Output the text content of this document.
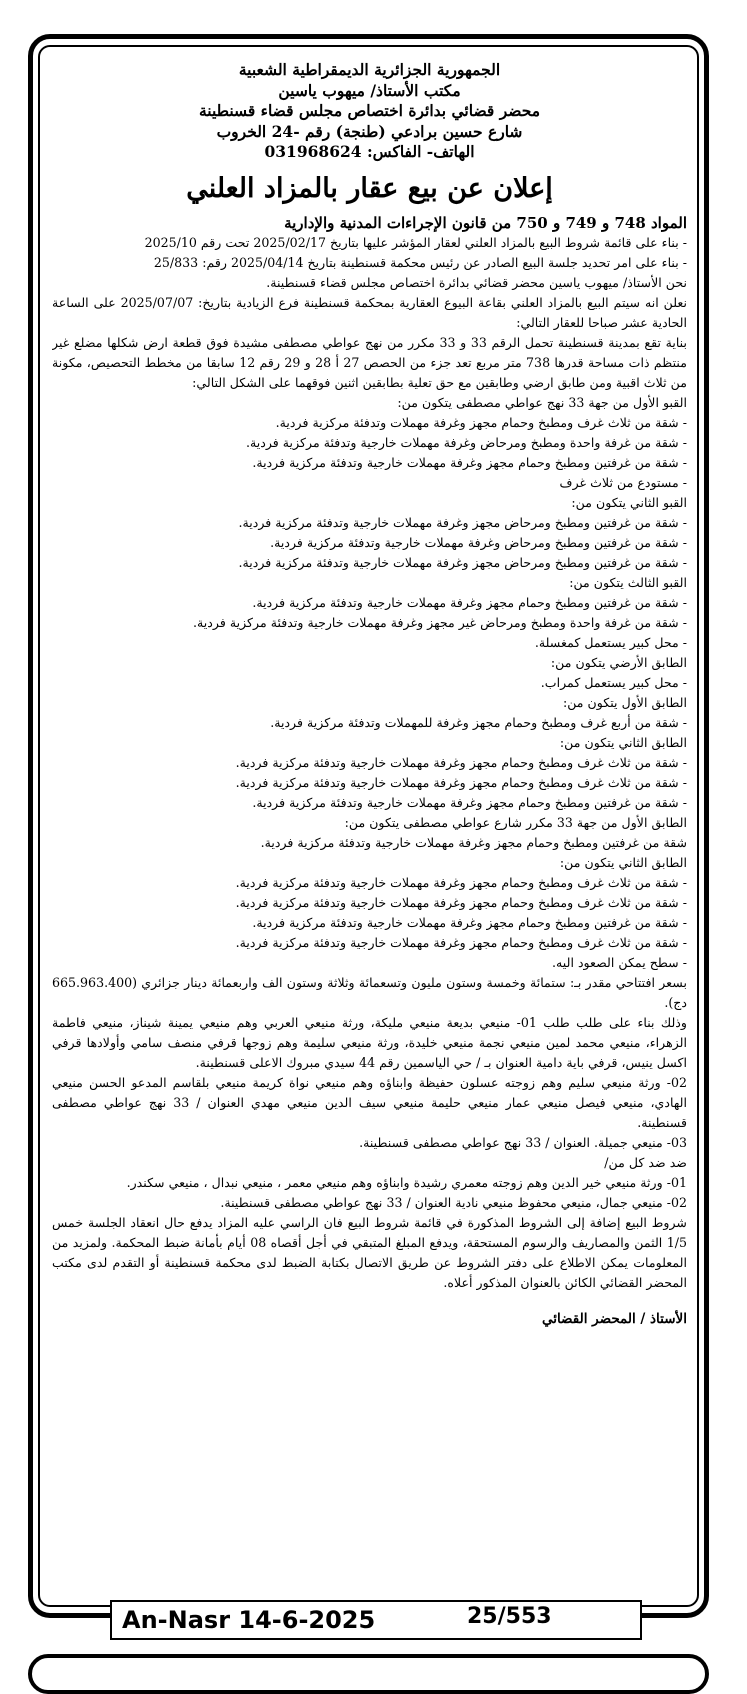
الجمهورية الجزائرية الديمقراطية الشعبية
مكتب الأستاذ/ ميهوب ياسين
محضر قضائي بدائرة اختصاص مجلس قضاء قسنطينة
شارع حسين برادعي (طنجة) رقم -24 الخروب
الهاتف- الفاكس: 031968624
إعلان عن بيع عقار بالمزاد العلني
المواد 748 و 749 و 750 من قانون الإجراءات المدنية والإدارية
- بناء على قائمة شروط البيع بالمزاد العلني لعقار المؤشر عليها بتاريخ 2025/02/17 تحت رقم 2025/10
- بناء على امر تحديد جلسة البيع الصادر عن رئيس محكمة قسنطينة بتاريخ 2025/04/14 رقم: 25/833
نحن الأستاذ/ ميهوب ياسين محضر قضائي بدائرة اختصاص مجلس قضاء قسنطينة.
نعلن انه سيتم البيع بالمزاد العلني بقاعة البيوع العقارية بمحكمة قسنطينة فرع الزيادية بتاريخ: 2025/07/07 على الساعة الحادية عشر صباحا للعقار التالي:
بناية تقع بمدينة قسنطينة تحمل الرقم 33 و 33 مكرر من نهج عواطي مصطفى مشيدة فوق قطعة ارض شكلها مضلع غير منتظم ذات مساحة قدرها 738 متر مربع تعد جزء من الحصص 27 أ 28 و 29 رقم 12 سابقا من مخطط التحصيص، مكونة من ثلاث اقبية ومن طابق ارضي وطابقين مع حق تعلية بطابقين اثنين فوقهما على الشكل التالي:
القبو الأول من جهة 33 نهج عواطي مصطفى يتكون من:
- شقة من ثلاث غرف ومطبخ وحمام مجهز وغرفة مهملات وتدفئة مركزية فردية.
- شقة من غرفة واحدة ومطبخ ومرحاض وغرفة مهملات خارجية وتدفئة مركزية فردية.
- شقة من غرفتين ومطبخ وحمام مجهز وغرفة مهملات خارجية وتدفئة مركزية فردية.
- مستودع من ثلاث غرف
القبو الثاني يتكون من:
- شقة من غرفتين ومطبخ ومرحاض مجهز وغرفة مهملات خارجية وتدفئة مركزية فردية.
- شقة من غرفتين ومطبخ ومرحاض وغرفة مهملات خارجية وتدفئة مركزية فردية.
- شقة من غرفتين ومطبخ ومرحاض مجهز وغرفة مهملات خارجية وتدفئة مركزية فردية.
القبو الثالث يتكون من:
- شقة من غرفتين ومطبخ وحمام مجهز وغرفة مهملات خارجية وتدفئة مركزية فردية.
- شقة من غرفة واحدة ومطبخ ومرحاض غير مجهز وغرفة مهملات خارجية وتدفئة مركزية فردية.
- محل كبير يستعمل كمغسلة.
الطابق الأرضي يتكون من:
- محل كبير يستعمل كمراب.
الطابق الأول يتكون من:
- شقة من أربع غرف ومطبخ وحمام مجهز وغرفة للمهملات وتدفئة مركزية فردية.
الطابق الثاني يتكون من:
- شقة من ثلاث غرف ومطبخ وحمام مجهز وغرفة مهملات خارجية وتدفئة مركزية فردية.
- شقة من ثلاث غرف ومطبخ وحمام مجهز وغرفة مهملات خارجية وتدفئة مركزية فردية.
- شقة من غرفتين ومطبخ وحمام مجهز وغرفة مهملات خارجية وتدفئة مركزية فردية.
الطابق الأول من جهة 33 مكرر شارع عواطي مصطفى يتكون من:
شقة من غرفتين ومطبخ وحمام مجهز وغرفة مهملات خارجية وتدفئة مركزية فردية.
الطابق الثاني يتكون من:
- شقة من ثلاث غرف ومطبخ وحمام مجهز وغرفة مهملات خارجية وتدفئة مركزية فردية.
- شقة من ثلاث غرف ومطبخ وحمام مجهز وغرفة مهملات خارجية وتدفئة مركزية فردية.
- شقة من غرفتين ومطبخ وحمام مجهز وغرفة مهملات خارجية وتدفئة مركزية فردية.
- شقة من ثلاث غرف ومطبخ وحمام مجهز وغرفة مهملات خارجية وتدفئة مركزية فردية.
- سطح يمكن الصعود اليه.
بسعر افتتاحي مقدر بـ: ستمائة وخمسة وستون مليون وتسعمائة وثلاثة وستون الف واربعمائة دينار جزائري (665.963.400 دج).
وذلك بناء على طلب طلب 01- منيعي بديعة منيعي مليكة، ورثة منيعي العربي وهم منيعي يمينة شيناز، منيعي فاطمة الزهراء، منيعي محمد لمين منيعي نجمة منيعي خليدة، ورثة منيعي سليمة وهم زوجها قرفي منصف سامي وأولادها قرفي اكسل ينيس، قرفي باية دامية العنوان بـ / حي الياسمين رقم 44 سيدي مبروك الاعلى قسنطينة.
02- ورثة منيعي سليم وهم زوجته عسلون حفيظة وابناؤه وهم منيعي نواة كريمة منيعي بلقاسم المدعو الحسن منيعي الهادي، منيعي فيصل منيعي عمار منيعي حليمة منيعي سيف الدين منيعي مهدي العنوان / 33 نهج عواطي مصطفى قسنطينة.
03- منيعي جميلة. العنوان / 33 نهج عواطي مصطفى قسنطينة.
ضد ضد كل من/
01- ورثة منيعي خير الدين وهم زوجته معمري رشيدة وابناؤه وهم منيعي معمر ، منيعي نبدال ، منيعي سكندر.
02- منيعي جمال، منيعي محفوظ منيعي نادية العنوان / 33 نهج عواطي مصطفى قسنطينة.
شروط البيع إضافة إلى الشروط المذكورة في قائمة شروط البيع فان الراسي عليه المزاد يدفع حال انعقاد الجلسة خمس 1/5 الثمن والمصاريف والرسوم المستحقة، ويدفع المبلغ المتبقي في أجل أقصاه 08 أيام بأمانة ضبط المحكمة. ولمزيد من المعلومات يمكن الاطلاع على دفتر الشروط عن طريق الاتصال بكتابة الضبط لدى محكمة قسنطينة أو التقدم لدى مكتب المحضر القضائي الكائن بالعنوان المذكور أعلاه.
الأستاذ / المحضر القضائي
An-Nasr 14-6-2025	25/553
